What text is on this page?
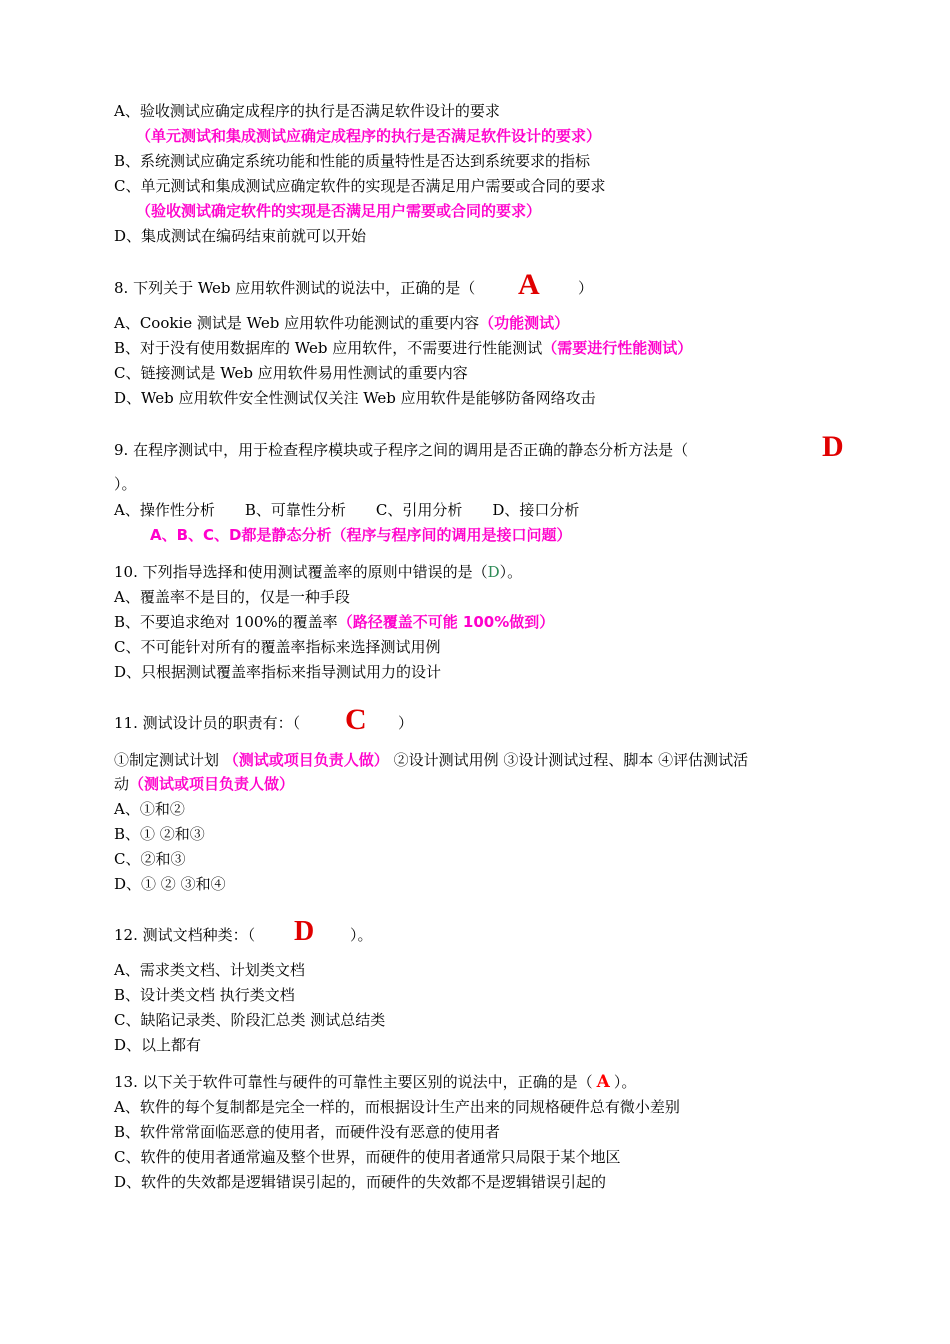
A、验收测试应确定成程序的执行是否满足软件设计的要求
（单元测试和集成测试应确定成程序的执行是否满足软件设计的要求）
B、系统测试应确定系统功能和性能的质量特性是否达到系统要求的指标
C、单元测试和集成测试应确定软件的实现是否满足用户需要或合同的要求
（验收测试确定软件的实现是否满足用户需要或合同的要求）
D、集成测试在编码结束前就可以开始
8. 下列关于 Web 应用软件测试的说法中，正确的是（ A	）
A、Cookie 测试是 Web 应用软件功能测试的重要内容（功能测试）
B、对于没有使用数据库的 Web 应用软件，不需要进行性能测试（需要进行性能测试）
C、链接测试是 Web 应用软件易用性测试的重要内容
D、Web 应用软件安全性测试仅关注 Web 应用软件是能够防备网络攻击
9. 在程序测试中，用于检查程序模块或子程序之间的调用是否正确的静态分析方法是（	D
）。
A、操作性分析　　B、可靠性分析　　C、引用分析　　D、接口分析
A、B、C、D都是静态分析（程序与程序间的调用是接口问题）
10. 下列指导选择和使用测试覆盖率的原则中错误的是（D）。
A、覆盖率不是目的，仅是一种手段
B、不要追求绝对 100%的覆盖率（路径覆盖不可能 100%做到）
C、不可能针对所有的覆盖率指标来选择测试用例
D、只根据测试覆盖率指标来指导测试用力的设计
11. 测试设计员的职责有：（ C ）
①制定测试计划 （测试或项目负责人做） ②设计测试用例 ③设计测试过程、脚本 ④评估测试活
动（测试或项目负责人做）
A、①和②
B、① ②和③
C、②和③
D、① ② ③和④
12. 测试文档种类：（ D ）。
A、需求类文档、计划类文档
B、设计类文档 执行类文档
C、缺陷记录类、阶段汇总类 测试总结类
D、以上都有
13. 以下关于软件可靠性与硬件的可靠性主要区别的说法中，正确的是（ A ）。
A、软件的每个复制都是完全一样的，而根据设计生产出来的同规格硬件总有微小差别
B、软件常常面临恶意的使用者，而硬件没有恶意的使用者
C、软件的使用者通常遍及整个世界，而硬件的使用者通常只局限于某个地区
D、软件的失效都是逻辑错误引起的，而硬件的失效都不是逻辑错误引起的
